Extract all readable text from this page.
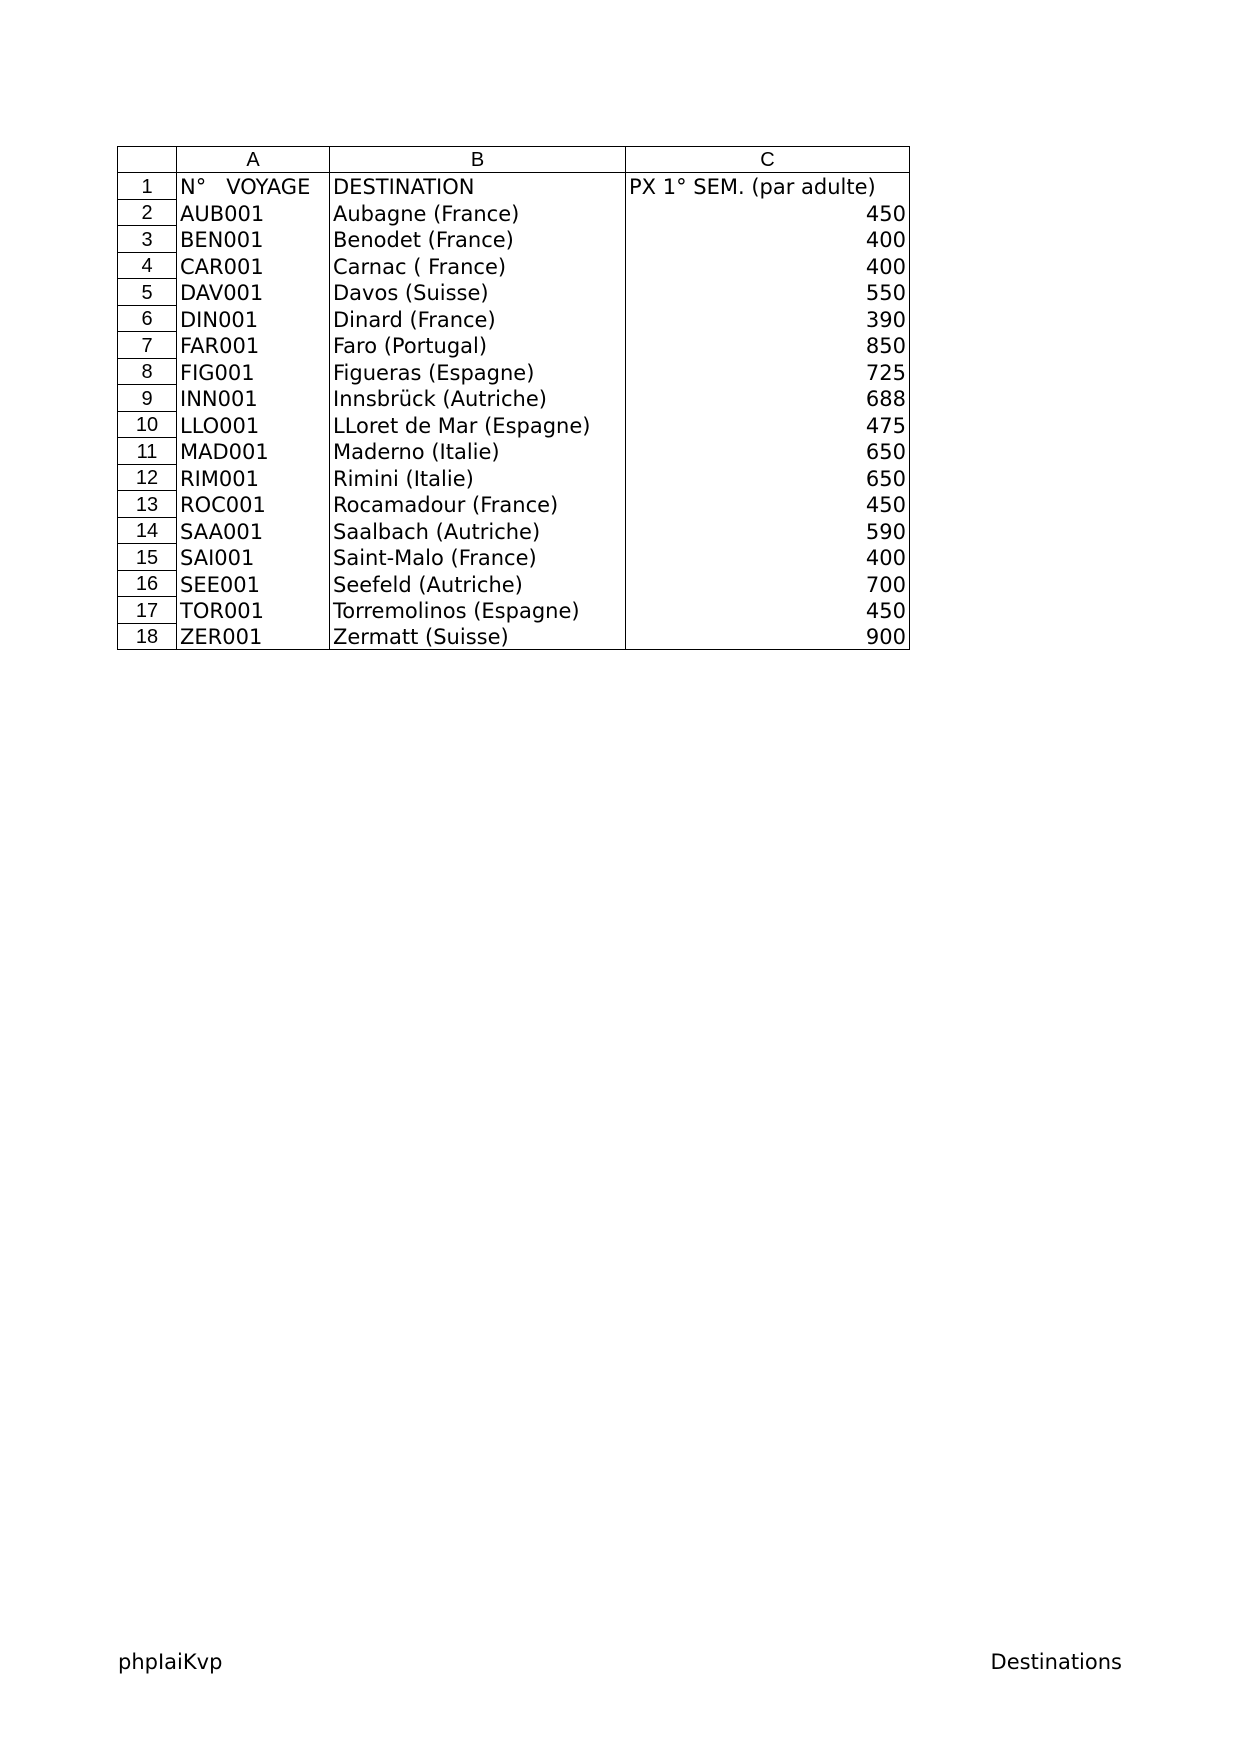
	A	B	C
1	N°   VOYAGE	DESTINATION	PX 1° SEM. (par adulte)
2	AUB001	Aubagne (France)	450
3	BEN001	Benodet (France)	400
4	CAR001	Carnac ( France)	400
5	DAV001	Davos (Suisse)	550
6	DIN001	Dinard (France)	390
7	FAR001	Faro (Portugal)	850
8	FIG001	Figueras (Espagne)	725
9	INN001	Innsbrück (Autriche)	688
10	LLO001	LLoret de Mar (Espagne)	475
11	MAD001	Maderno (Italie)	650
12	RIM001	Rimini (Italie)	650
13	ROC001	Rocamadour (France)	450
14	SAA001	Saalbach (Autriche)	590
15	SAI001	Saint-Malo (France)	400
16	SEE001	Seefeld (Autriche)	700
17	TOR001	Torremolinos (Espagne)	450
18	ZER001	Zermatt (Suisse)	900
phpIaiKvp	Destinations
